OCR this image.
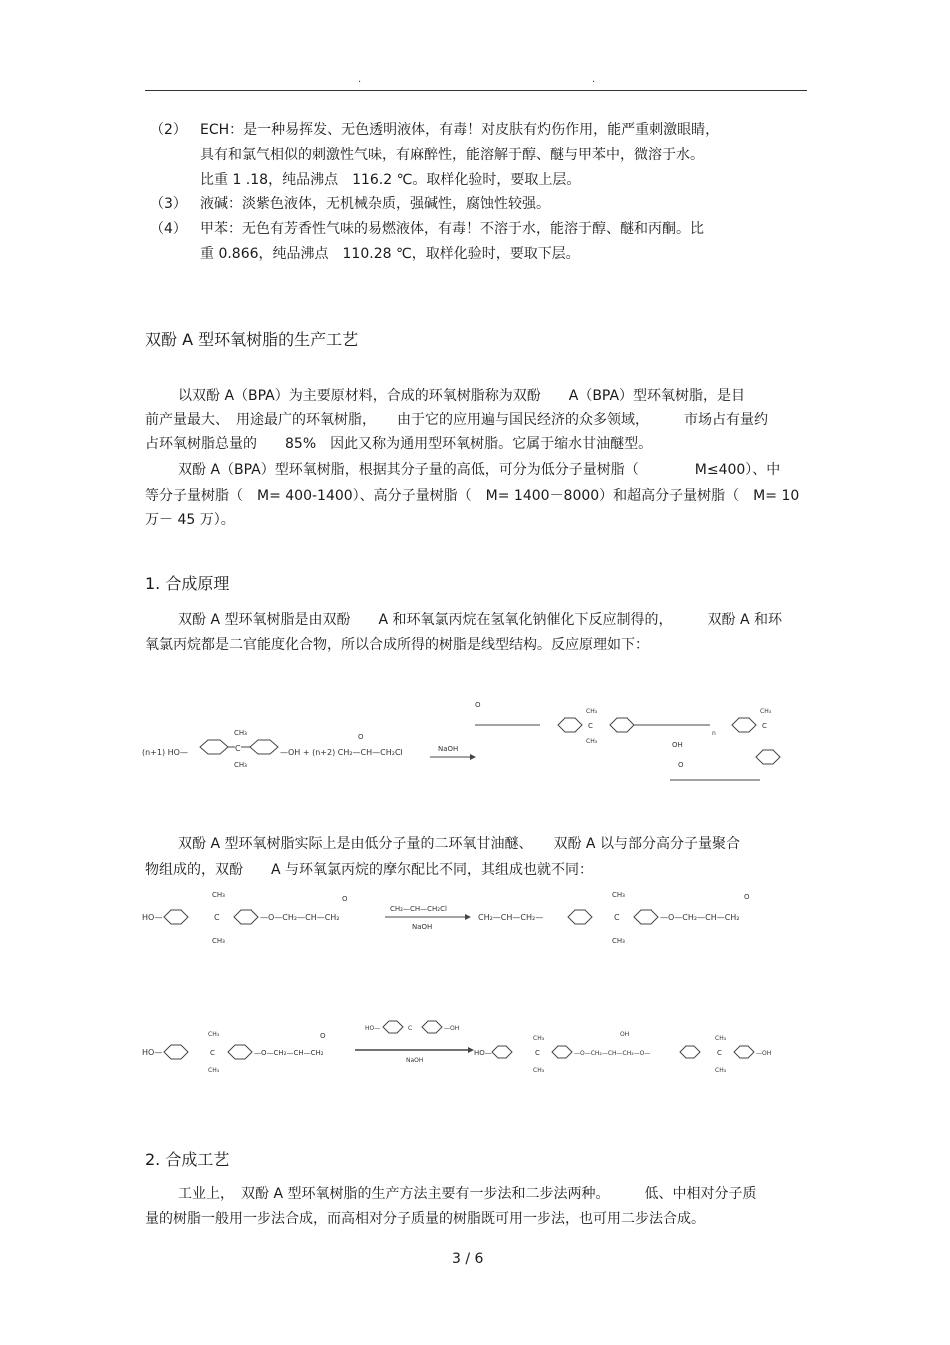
.	.
（2） ECH：是一种易挥发、无色透明液体，有毒！对皮肤有灼伤作用，能严重刺激眼睛，
具有和氯气相似的刺激性气味，有麻醉性，能溶解于醇、醚与甲苯中，微溶于水。
比重 1 .18，纯品沸点　116.2 ℃。取样化验时，要取上层。
（3） 液碱：淡紫色液体，无机械杂质，强碱性，腐蚀性较强。
（4） 甲苯：无色有芳香性气味的易燃液体，有毒！不溶于水，能溶于醇、醚和丙酮。比
重 0.866，纯品沸点　110.28 ℃，取样化验时，要取下层。
双酚 A 型环氧树脂的生产工艺
以双酚 A（BPA）为主要原材料，合成的环氧树脂称为双酚　　A（BPA）型环氧树脂，是目
前产量最大、　用途最广的环氧树脂，　　由于它的应用遍与国民经济的众多领域，　　　市场占有量约
占环氧树脂总量的　　85%　因此又称为通用型环氧树脂。它属于缩水甘油醚型。
双酚 A（BPA）型环氧树脂，根据其分子量的高低，可分为低分子量树脂（　　　　M≤400）、中
等分子量树脂（　M= 400-1400）、高分子量树脂（　M= 1400－8000）和超高分子量树脂（　M= 10
万－ 45 万）。
1. 合成原理
双酚 A 型环氧树脂是由双酚　　A 和环氧氯丙烷在氢氧化钠催化下反应制得的，　　　双酚 A 和环
氧氯丙烷都是二官能度化合物，所以合成所得的树脂是线型结构。反应原理如下：
(n+1) HO—	C
CH₃
CH₃
—OH + (n+2) CH₂—CH—CH₂Cl
O
NaOH
O
C
CH₃
CH₃	OH
n
C
CH₃
O
双酚 A 型环氧树脂实际上是由低分子量的二环氧甘油醚、　　双酚 A 以与部分高分子量聚合
物组成的，双酚　　A 与环氧氯丙烷的摩尔配比不同，其组成也就不同：
HO—
CH₃
C
CH₃
—O—CH₂—CH—CH₂
O
CH₂—CH—CH₂Cl
NaOH
CH₂—CH—CH₂—
CH₃
C
CH₃
—O—CH₂—CH—CH₂
O
HO—
CH₃
C
CH₃
—O—CH₂—CH—CH₂
O
HO—	C	—OH
NaOH
HO—	C
CH₃
CH₃
—O—CH₂—CH—CH₂—O—
OH
C
CH₃
CH₃
—OH
2. 合成工艺
工业上，　双酚 A 型环氧树脂的生产方法主要有一步法和二步法两种。　　　低、中相对分子质
量的树脂一般用一步法合成，而高相对分子质量的树脂既可用一步法，也可用二步法合成。
3 / 6
